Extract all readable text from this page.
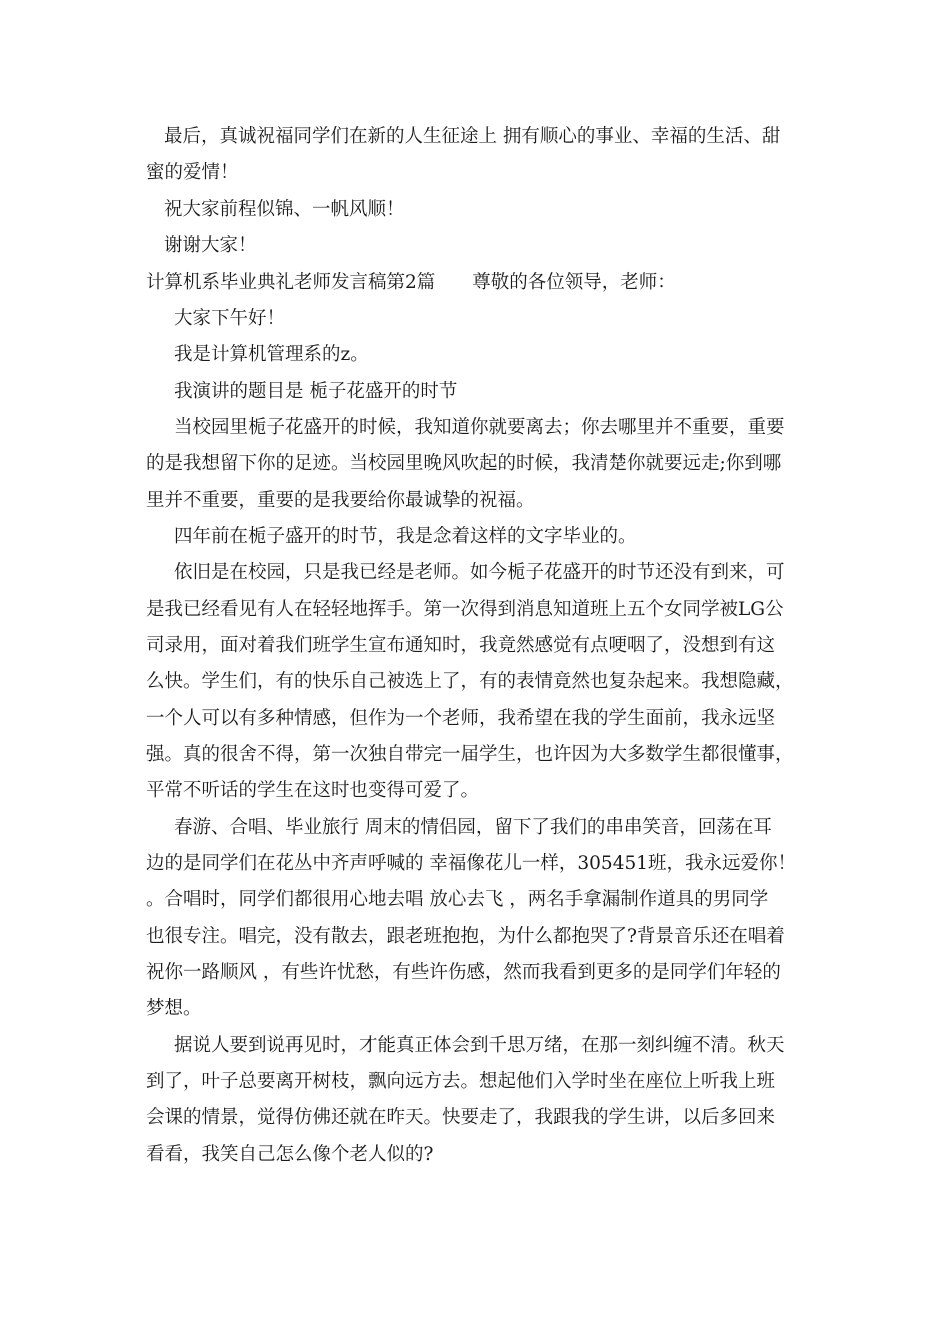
最后，真诚祝福同学们在新的人生征途上 拥有顺心的事业、幸福的生活、甜
蜜的爱情！
祝大家前程似锦、一帆风顺！
谢谢大家！
计算机系毕业典礼老师发言稿第2篇　　尊敬的各位领导，老师：
大家下午好！
我是计算机管理系的z。
我演讲的题目是 栀子花盛开的时节
当校园里栀子花盛开的时候，我知道你就要离去；你去哪里并不重要，重要
的是我想留下你的足迹。当校园里晚风吹起的时候，我清楚你就要远走;你到哪
里并不重要，重要的是我要给你最诚挚的祝福。
四年前在栀子盛开的时节，我是念着这样的文字毕业的。
依旧是在校园，只是我已经是老师。如今栀子花盛开的时节还没有到来，可
是我已经看见有人在轻轻地挥手。第一次得到消息知道班上五个女同学被LG公
司录用，面对着我们班学生宣布通知时，我竟然感觉有点哽咽了，没想到有这
么快。学生们，有的快乐自己被选上了，有的表情竟然也复杂起来。我想隐藏，
一个人可以有多种情感，但作为一个老师，我希望在我的学生面前，我永远坚
强。真的很舍不得，第一次独自带完一届学生，也许因为大多数学生都很懂事，
平常不听话的学生在这时也变得可爱了。
春游、合唱、毕业旅行 周末的情侣园，留下了我们的串串笑音，回荡在耳
边的是同学们在花丛中齐声呼喊的 幸福像花儿一样，305451班，我永远爱你！
。合唱时，同学们都很用心地去唱 放心去飞 ，两名手拿漏制作道具的男同学
也很专注。唱完，没有散去，跟老班抱抱，为什么都抱哭了?背景音乐还在唱着
祝你一路顺风 ，有些许忧愁，有些许伤感，然而我看到更多的是同学们年轻的
梦想。
据说人要到说再见时，才能真正体会到千思万绪，在那一刻纠缠不清。秋天
到了，叶子总要离开树枝，飘向远方去。想起他们入学时坐在座位上听我上班
会课的情景，觉得仿佛还就在昨天。快要走了，我跟我的学生讲，以后多回来
看看，我笑自己怎么像个老人似的?
